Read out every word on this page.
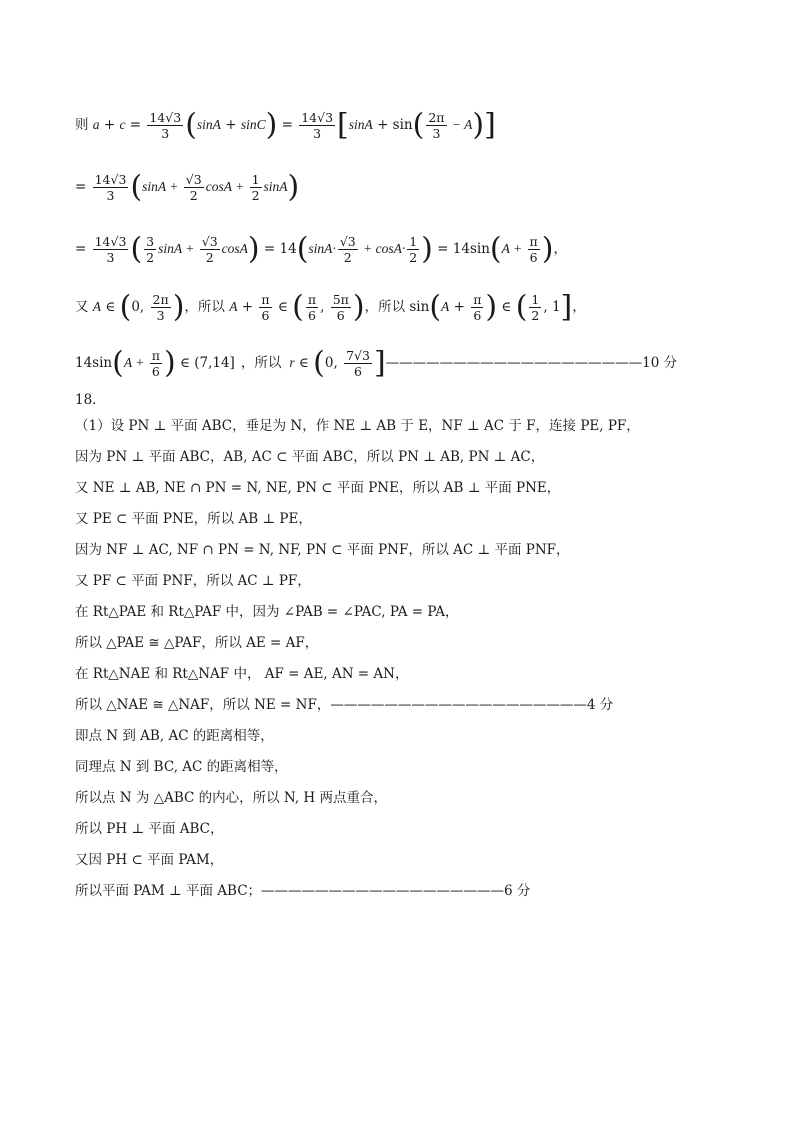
则 $a + c = \frac{14√3}{3} (\sin A + \sin C) = \frac{14√3}{3} [\sin A + \sin( \frac{2\pi}{3} - A)]$
= $\frac{14√3}{3} (\sin A + \frac{√3}{2}$ $\cos A + \frac{1}{2} \sin A$)
= $\frac{14√3}{3}$ ( $\frac{3}{2}$ $\sin A + \frac{√3}{2} \cos A) = 14(\sin A\cdot \frac{√3}{2} + \cos A\cdot \frac{1}{2}$ ) = $14\sin(A + \frac{\pi}{6}$ )，
又 A ∈ (0, $\frac{2\pi}{3}$ )，所以 $A + \frac{\pi}{6}$ ∈ ( $\frac{\pi}{6}$ , $\frac{5\pi}{6}$ )，所以 $\sin(A + \frac{\pi}{6}$ ) ∈ ( $\frac{1}{2}$ , 1]，
$14\sin(A + \frac{\pi}{6}$ ) ∈ (7,14] ，所以 r ∈ (0, $\frac{7√3}{6}$ ]———————————————————10 分
18.
（1）设 PN ⊥ 平面 ABC，垂足为 N，作 NE ⊥ AB 于 E，NF ⊥ AC 于 F，连接 PE, PF，
因为 PN ⊥ 平面 ABC，AB, AC ⊂ 平面 ABC，所以 PN ⊥ AB, PN ⊥ AC，
又 NE ⊥ AB, NE ∩ PN = N, NE, PN ⊂ 平面 PNE，所以 AB ⊥ 平面 PNE，
又 PE ⊂ 平面 PNE，所以 AB ⊥ PE，
因为 NF ⊥ AC, NF ∩ PN = N, NF, PN ⊂ 平面 PNF，所以 AC ⊥ 平面 PNF，
又 PF ⊂ 平面 PNF，所以 AC ⊥ PF，
在 Rt△PAE 和 Rt△PAF 中，因为 ∠PAB = ∠PAC, PA = PA，
所以 △PAE ≅ △PAF，所以 AE = AF，
在 Rt△NAE 和 Rt△NAF 中， AF = AE, AN = AN，
所以 △NAE ≅ △NAF，所以 NE = NF，———————————————————4 分
即点 N 到 AB, AC 的距离相等，
同理点 N 到 BC, AC 的距离相等，
所以点 N 为 △ABC 的内心，所以 N, H 两点重合，
所以 PH ⊥ 平面 ABC，
又因 PH ⊂ 平面 PAM，
所以平面 PAM ⊥ 平面 ABC；——————————————————6 分
